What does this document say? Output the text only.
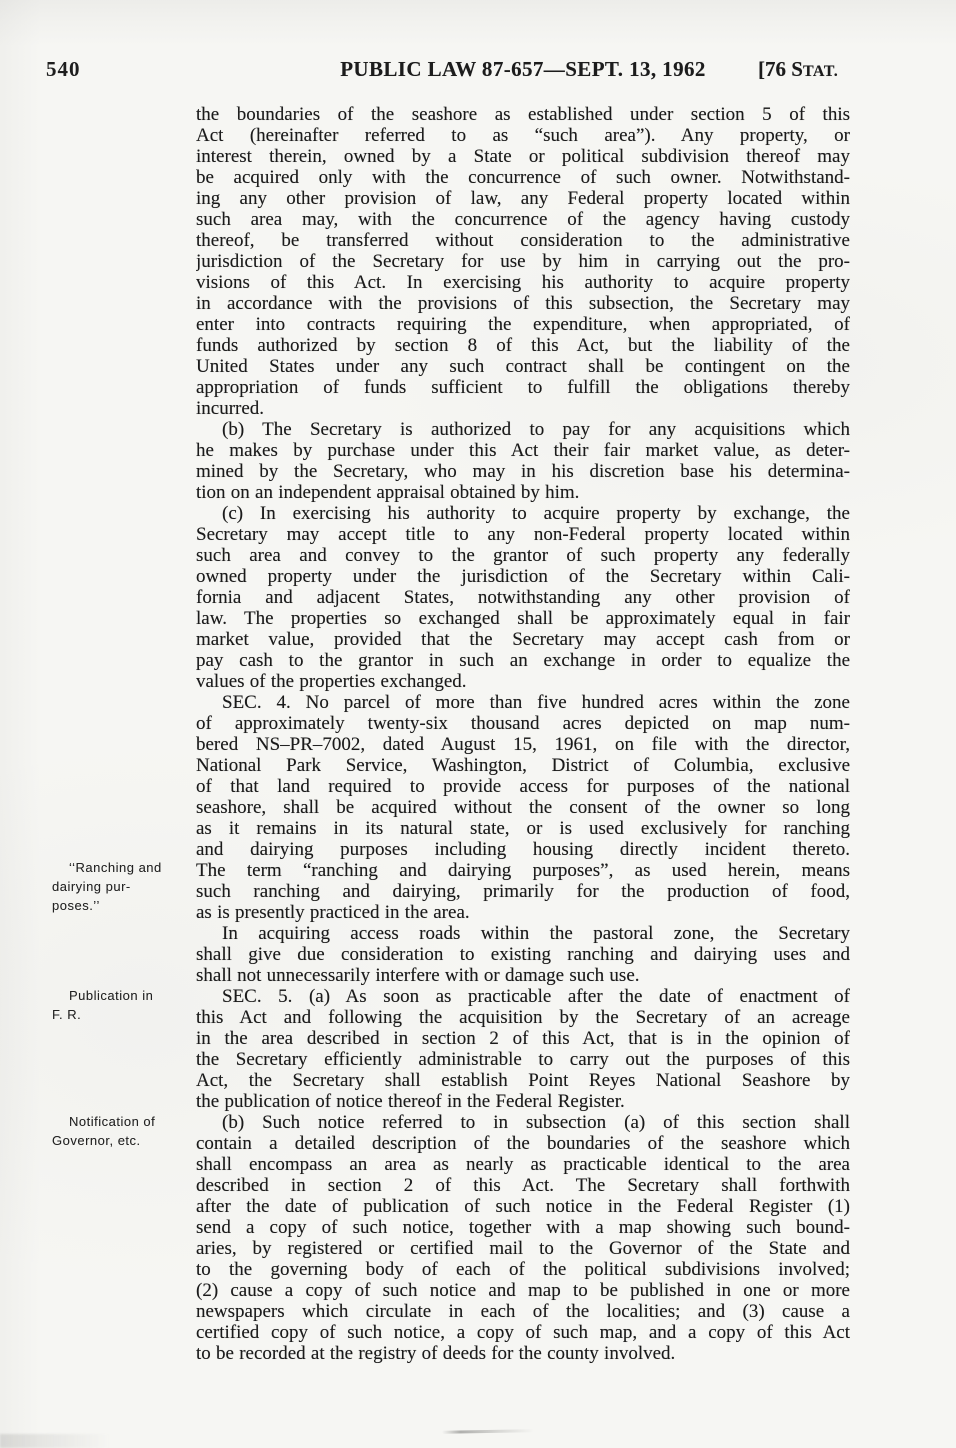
540	PUBLIC LAW 87-657—SEPT. 13, 1962	[76 STAT.
‘‘Ranching and
dairying pur-
poses.’’
Publication in
F. R.
Notification of
Governor, etc.
the boundaries of the seashore as established under section 5 of this
Act (hereinafter referred to as “such area”). Any property, or
interest therein, owned by a State or political subdivision thereof may
be acquired only with the concurrence of such owner. Notwithstand-
ing any other provision of law, any Federal property located within
such area may, with the concurrence of the agency having custody
thereof, be transferred without consideration to the administrative
jurisdiction of the Secretary for use by him in carrying out the pro-
visions of this Act. In exercising his authority to acquire property
in accordance with the provisions of this subsection, the Secretary may
enter into contracts requiring the expenditure, when appropriated, of
funds authorized by section 8 of this Act, but the liability of the
United States under any such contract shall be contingent on the
appropriation of funds sufficient to fulfill the obligations thereby
incurred.
(b) The Secretary is authorized to pay for any acquisitions which
he makes by purchase under this Act their fair market value, as deter-
mined by the Secretary, who may in his discretion base his determina-
tion on an independent appraisal obtained by him.
(c) In exercising his authority to acquire property by exchange, the
Secretary may accept title to any non-Federal property located within
such area and convey to the grantor of such property any federally
owned property under the jurisdiction of the Secretary within Cali-
fornia and adjacent States, notwithstanding any other provision of
law. The properties so exchanged shall be approximately equal in fair
market value, provided that the Secretary may accept cash from or
pay cash to the grantor in such an exchange in order to equalize the
values of the properties exchanged.
SEC. 4. No parcel of more than five hundred acres within the zone
of approximately twenty-six thousand acres depicted on map num-
bered NS–PR–7002, dated August 15, 1961, on file with the director,
National Park Service, Washington, District of Columbia, exclusive
of that land required to provide access for purposes of the national
seashore, shall be acquired without the consent of the owner so long
as it remains in its natural state, or is used exclusively for ranching
and dairying purposes including housing directly incident thereto.
The term “ranching and dairying purposes”, as used herein, means
such ranching and dairying, primarily for the production of food,
as is presently practiced in the area.
In acquiring access roads within the pastoral zone, the Secretary
shall give due consideration to existing ranching and dairying uses and
shall not unnecessarily interfere with or damage such use.
SEC. 5. (a) As soon as practicable after the date of enactment of
this Act and following the acquisition by the Secretary of an acreage
in the area described in section 2 of this Act, that is in the opinion of
the Secretary efficiently administrable to carry out the purposes of this
Act, the Secretary shall establish Point Reyes National Seashore by
the publication of notice thereof in the Federal Register.
(b) Such notice referred to in subsection (a) of this section shall
contain a detailed description of the boundaries of the seashore which
shall encompass an area as nearly as practicable identical to the area
described in section 2 of this Act. The Secretary shall forthwith
after the date of publication of such notice in the Federal Register (1)
send a copy of such notice, together with a map showing such bound-
aries, by registered or certified mail to the Governor of the State and
to the governing body of each of the political subdivisions involved;
(2) cause a copy of such notice and map to be published in one or more
newspapers which circulate in each of the localities; and (3) cause a
certified copy of such notice, a copy of such map, and a copy of this Act
to be recorded at the registry of deeds for the county involved.
